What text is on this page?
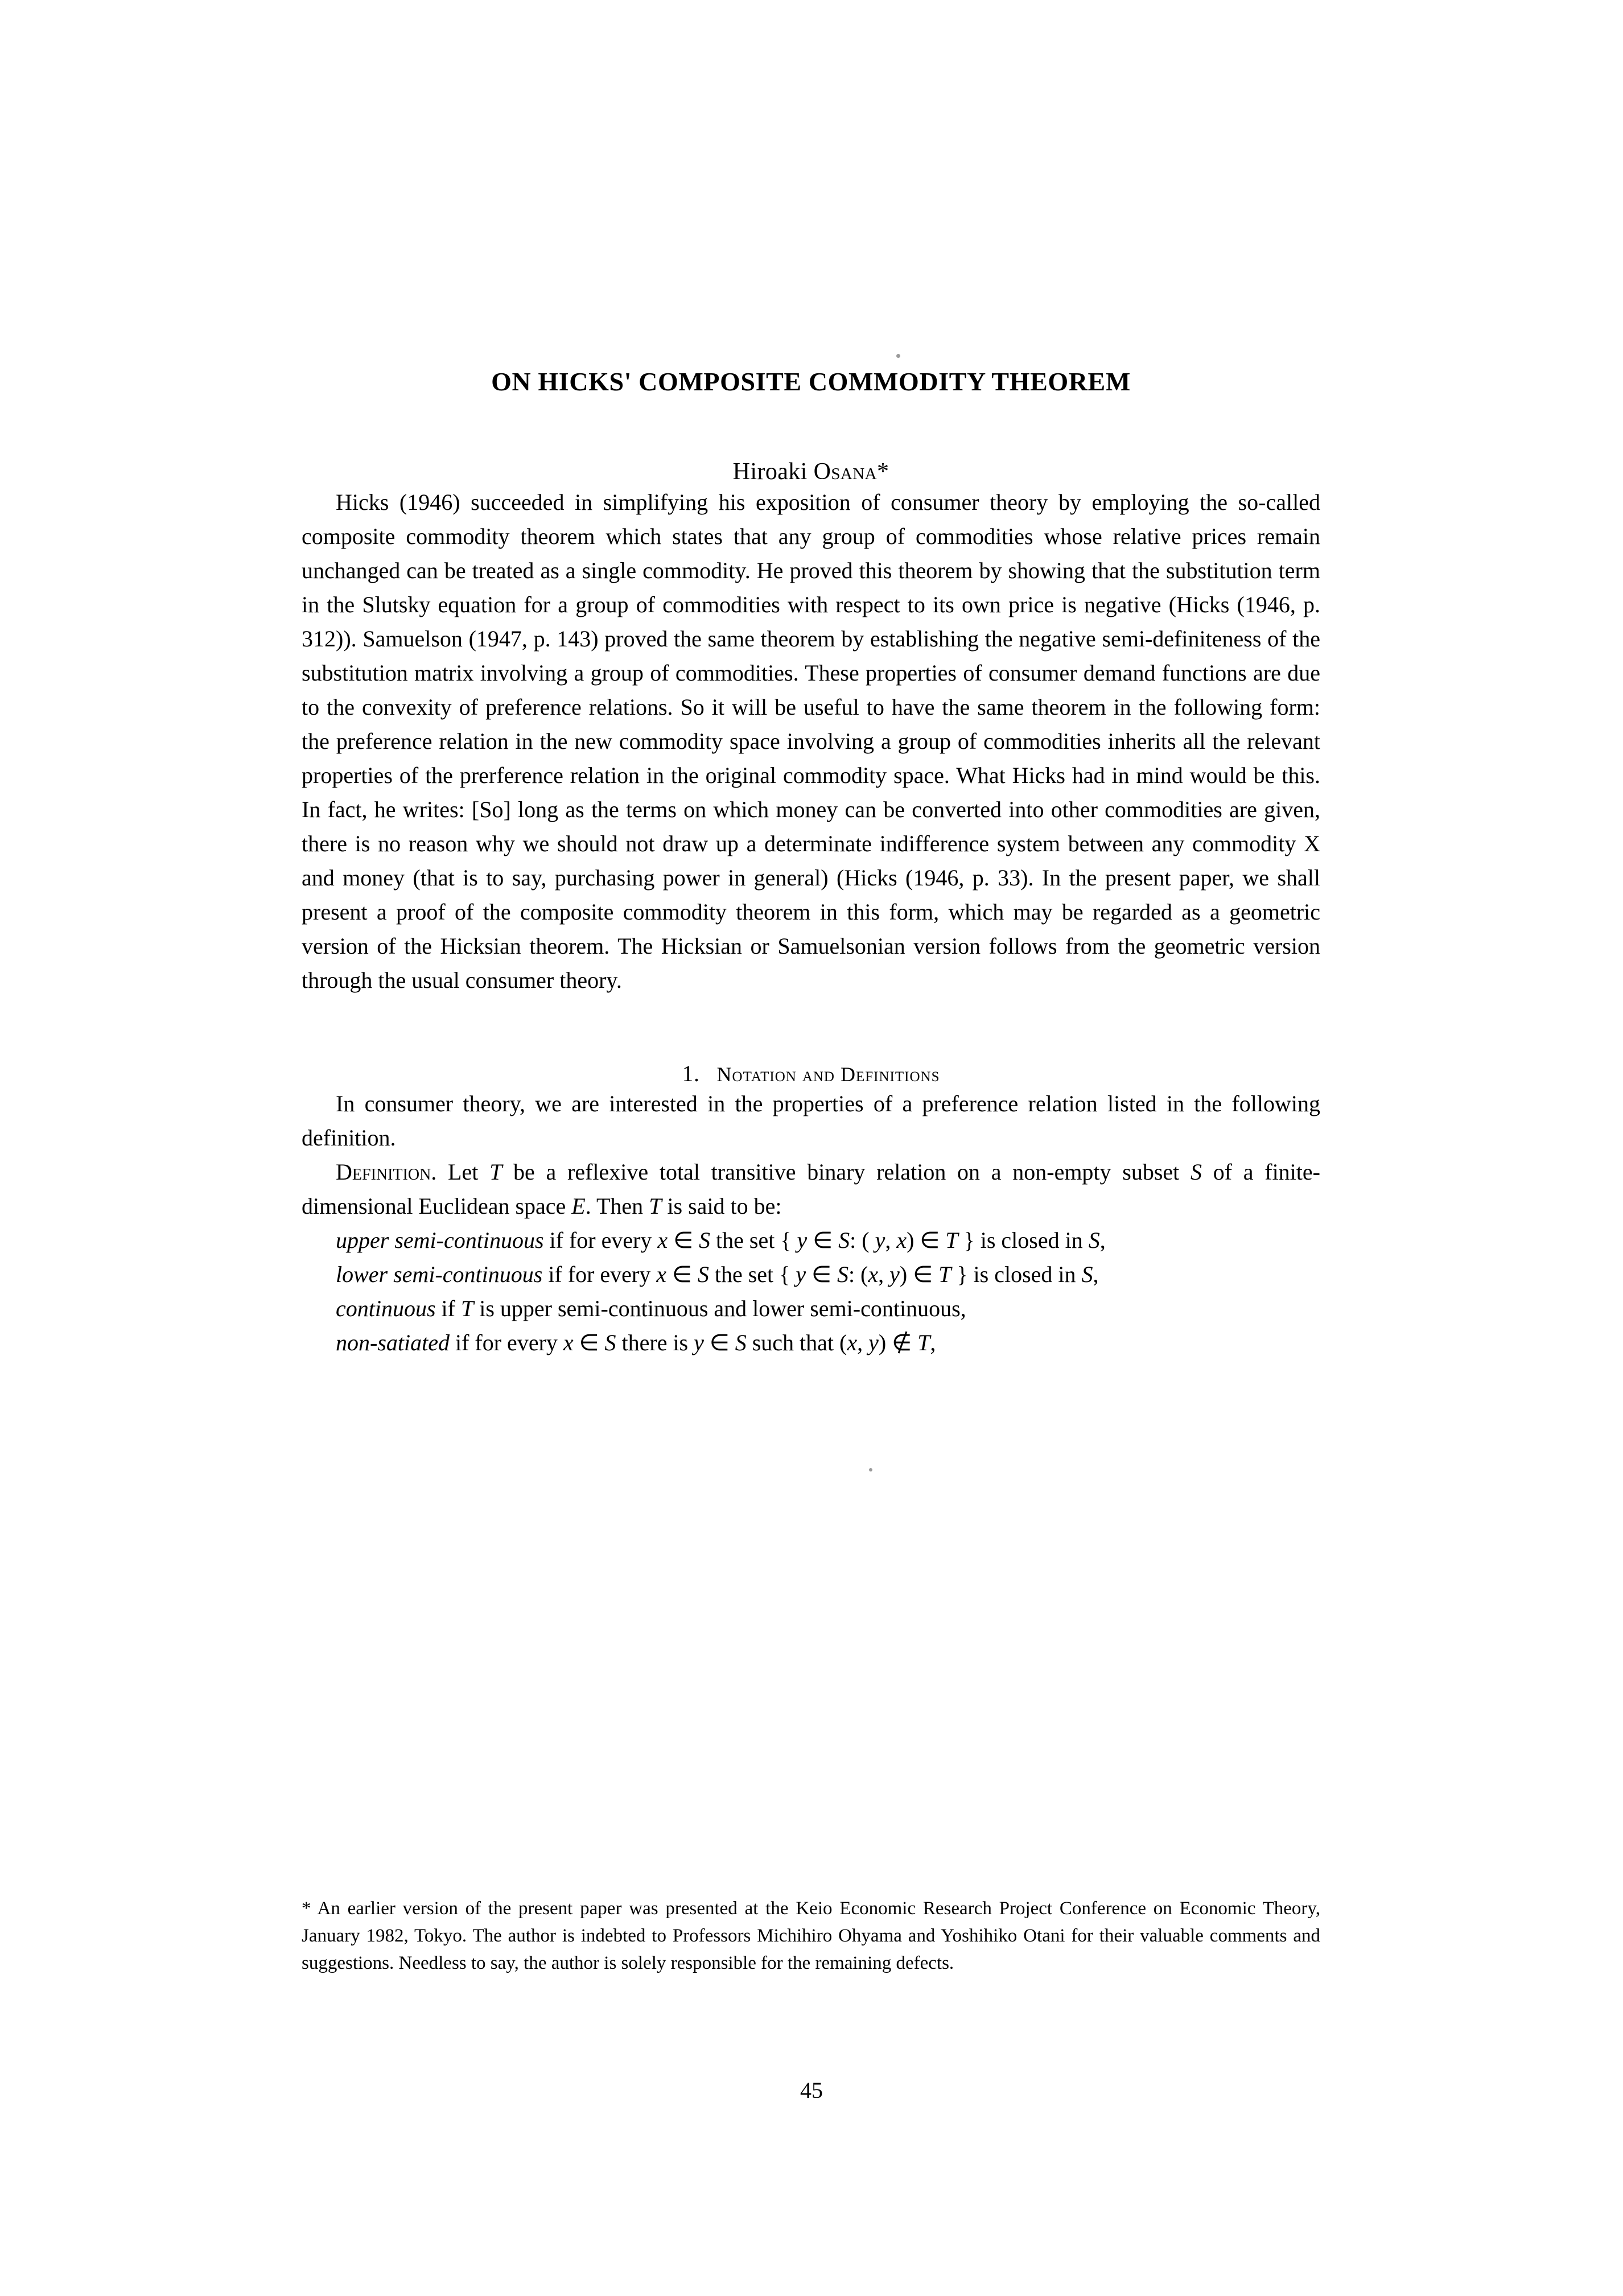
ON HICKS' COMPOSITE COMMODITY THEOREM
Hiroaki Osana*

Hicks (1946) succeeded in simplifying his exposition of consumer theory by employing the so-called composite commodity theorem which states that any group of commodities whose relative prices remain unchanged can be treated as a single commodity. He proved this theorem by showing that the substitution term in the Slutsky equation for a group of commodities with respect to its own price is negative (Hicks (1946, p. 312)). Samuelson (1947, p. 143) proved the same theorem by establishing the negative semi-definiteness of the substitution matrix involving a group of commodities. These properties of consumer demand functions are due to the convexity of preference relations. So it will be useful to have the same theorem in the following form: the preference relation in the new commodity space involving a group of commodities inherits all the relevant properties of the prerference relation in the original commodity space. What Hicks had in mind would be this. In fact, he writes: [So] long as the terms on which money can be converted into other commodities are given, there is no reason why we should not draw up a determinate indifference system between any commodity X and money (that is to say, purchasing power in general) (Hicks (1946, p. 33). In the present paper, we shall present a proof of the composite commodity theorem in this form, which may be regarded as a geometric version of the Hicksian theorem. The Hicksian or Samuelsonian version follows from the geometric version through the usual consumer theory.

1. Notation and Definitions

In consumer theory, we are interested in the properties of a preference relation listed in the following definition.

Definition. Let T be a reflexive total transitive binary relation on a non-empty subset S of a finite-dimensional Euclidean space E. Then T is said to be:

upper semi-continuous if for every x ∈ S the set { y ∈ S: ( y, x) ∈ T } is closed in S,
lower semi-continuous if for every x ∈ S the set { y ∈ S: (x, y) ∈ T } is closed in S,
continuous if T is upper semi-continuous and lower semi-continuous,
non-satiated if for every x ∈ S there is y ∈ S such that (x, y) ∉ T,
* An earlier version of the present paper was presented at the Keio Economic Research Project Conference on Economic Theory, January 1982, Tokyo. The author is indebted to Professors Michihiro Ohyama and Yoshihiko Otani for their valuable comments and suggestions. Needless to say, the author is solely responsible for the remaining defects.
45
